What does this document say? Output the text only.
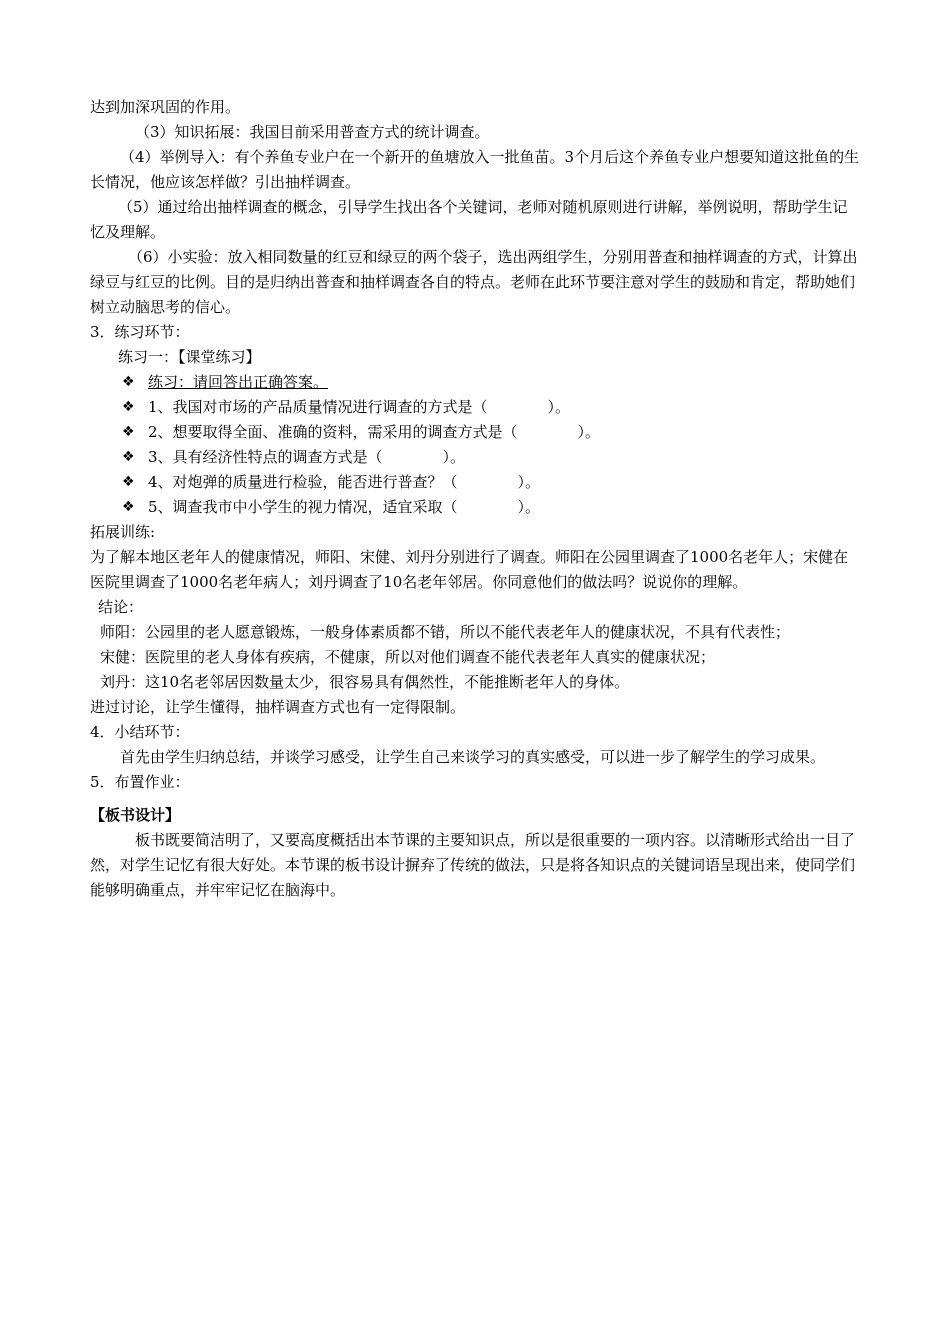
达到加深巩固的作用。

（3）知识拓展：我国目前采用普查方式的统计调查。

（4）举例导入：有个养鱼专业户在一个新开的鱼塘放入一批鱼苗。3个月后这个养鱼专业户想要知道这批鱼的生长情况，他应该怎样做？引出抽样调查。

（5）通过给出抽样调查的概念，引导学生找出各个关键词，老师对随机原则进行讲解，举例说明，帮助学生记忆及理解。

（6）小实验：放入相同数量的红豆和绿豆的两个袋子，选出两组学生，分别用普查和抽样调查的方式，计算出绿豆与红豆的比例。目的是归纳出普查和抽样调查各自的特点。老师在此环节要注意对学生的鼓励和肯定，帮助她们树立动脑思考的信心。

3．练习环节：

练习一：【课堂练习】

❖ 练习：请回答出正确答案。
❖ 1、我国对市场的产品质量情况进行调查的方式是（　　　　）。
❖ 2、想要取得全面、准确的资料，需采用的调查方式是（　　　　）。
❖ 3、具有经济性特点的调查方式是（　　　　）。
❖ 4、对炮弹的质量进行检验，能否进行普查？（　　　　）。
❖ 5、调查我市中小学生的视力情况，适宜采取（　　　　）。

拓展训练:

为了解本地区老年人的健康情况，师阳、宋健、刘丹分别进行了调查。师阳在公园里调查了1000名老年人；宋健在医院里调查了1000名老年病人；刘丹调查了10名老年邻居。你同意他们的做法吗？说说你的理解。

结论：

师阳：公园里的老人愿意锻炼，一般身体素质都不错，所以不能代表老年人的健康状况，不具有代表性；

宋健：医院里的老人身体有疾病，不健康，所以对他们调查不能代表老年人真实的健康状况；

刘丹：这10名老邻居因数量太少，很容易具有偶然性，不能推断老年人的身体。

进过讨论，让学生懂得，抽样调查方式也有一定得限制。

4．小结环节：

首先由学生归纳总结，并谈学习感受，让学生自己来谈学习的真实感受，可以进一步了解学生的学习成果。

5．布置作业：

【板书设计】

板书既要简洁明了，又要高度概括出本节课的主要知识点，所以是很重要的一项内容。以清晰形式给出一目了然，对学生记忆有很大好处。本节课的板书设计摒弃了传统的做法，只是将各知识点的关键词语呈现出来，使同学们能够明确重点，并牢牢记忆在脑海中。
